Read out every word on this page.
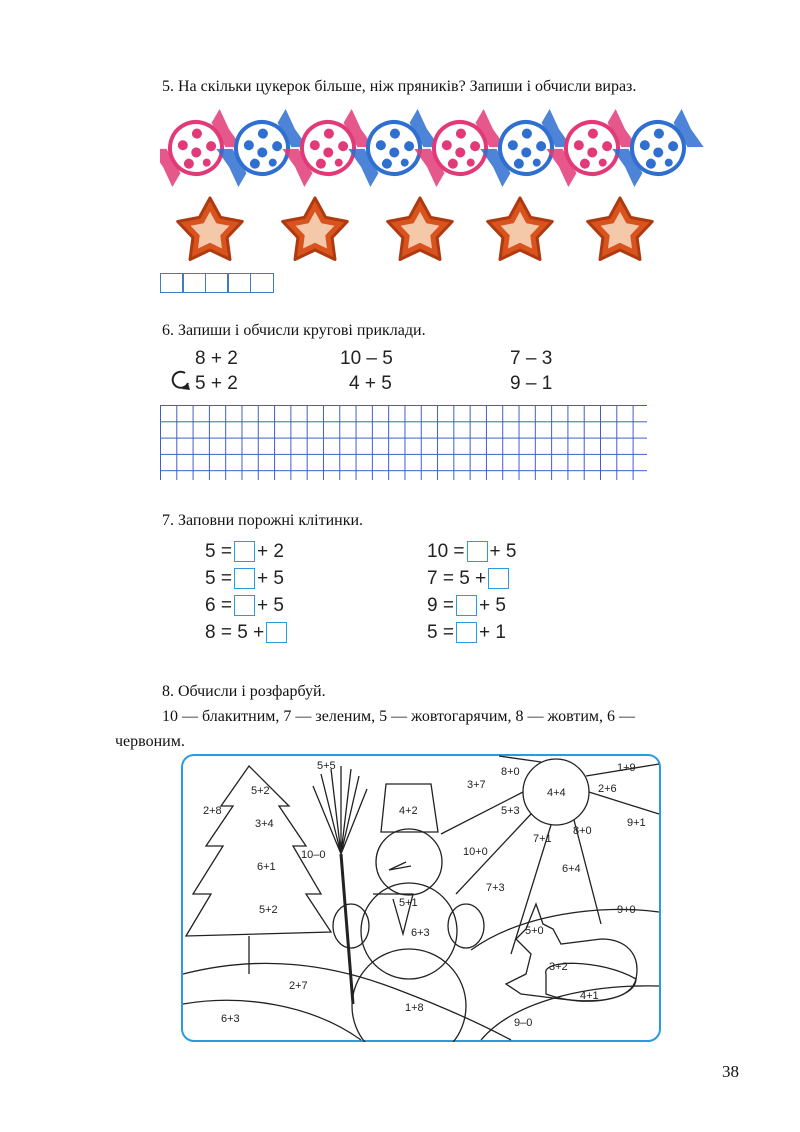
5. На скільки цукерок більше, ніж пряників? Запиши і обчисли вираз.
6. Запиши і обчисли кругові приклади.
8 + 2
5 + 2
10 – 5
4 + 5
7 – 3
9 – 1
7. Заповни порожні клітинки.
5 = + 2
5 = + 5
6 = + 5
8 = 5 +
10 = + 5
7 = 5 +
9 = + 5
5 = + 1
8. Обчисли і розфарбуй.
10 — блакитним, 7 — зеленим, 5 — жовтогарячим, 8 — жовтим, 6 —
червоним.
5+5
5+2
2+8
3+4
10–0
6+1
5+2
4+2
5+1
6+3
2+7
1+8
6+3
3+7
8+0
5+3
4+4
1+9
2+6
9+1
7+1
8+0
10+0
6+4
7+3
9+0
5+0
3+2
4+1
9–0
38
